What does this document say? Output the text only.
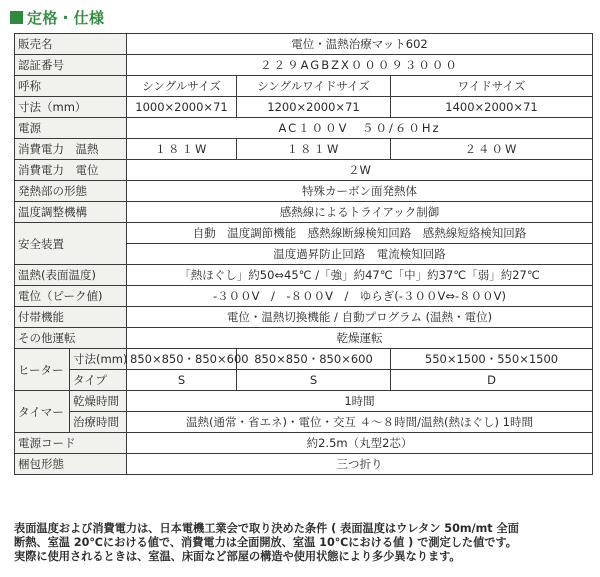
定格・仕様
販売名		電位・温熱治療マット602		
認証番号		２２９AGBZX０００９３０００		
呼称		シングルサイズ	シングルワイドサイズ	ワイドサイズ
寸法（mm）		1000×2000×71	1200×2000×71	1400×2000×71
電源		AC１００V　５０/６０Hz		
消費電力　温熱		１８１W	１８１W	２４０W
消費電力　電位		２W		
発熱部の形態		特殊カーボン面発熱体		
温度調整機構		感熱線によるトライアック制御		
安全装置		自動　温度調節機能　感熱線断線検知回路　感熱線短絡検知回路		
		温度過昇防止回路　電流検知回路		
温熱(表面温度)		「熱ほぐし」約50⇔45℃ /「強」約47℃「中」約37℃「弱」約27℃		
電位（ピーク値)		-３００V　/　-８００V　/　ゆらぎ(-３００V⇔-８００V)		
付帯機能		電位・温熱切換機能 / 自動プログラム (温熱・電位)		
その他運転		乾燥運転		
ヒーター	寸法(mm)	850×850・850×600	850×850・850×600	550×1500・550×1500
	タイプ	S	S	D
タイマー	乾燥時間	1時間		
	治療時間	温熱(通常・省エネ)・電位・交互 ４～８時間/温熱(熱ほぐし) 1時間		
電源コード		約2.5m（丸型2芯）		
梱包形態		三つ折り		
表面温度および消費電力は、日本電機工業会で取り決めた条件 ( 表面温度はウレタン 50m/mt 全面
断熱、室温 20℃における値で、消費電力は全面開放、室温 10℃における値 ) で測定した値です。
実際に使用されるときは、室温、床面など部屋の構造や使用状態により多少異なります。
